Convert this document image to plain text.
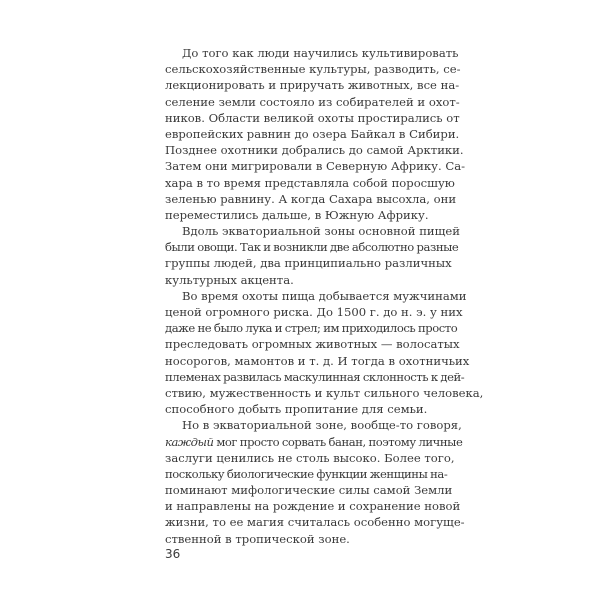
До того как люди научились культивировать
сельскохозяйственные культуры, разводить, се-
лекционировать и приручать животных, все на-
селение земли состояло из собирателей и охот-
ников. Области великой охоты простирались от
европейских равнин до озера Байкал в Сибири.
Позднее охотники добрались до самой Арктики.
Затем они мигрировали в Северную Африку. Са-
хара в то время представляла собой поросшую
зеленью равнину. А когда Сахара высохла, они
переместились дальше, в Южную Африку.
Вдоль экваториальной зоны основной пищей
были овощи. Так и возникли две абсолютно разные
группы людей, два принципиально различных
культурных акцента.
Во время охоты пища добывается мужчинами
ценой огромного риска. До 1500 г. до н. э. у них
даже не было лука и стрел; им приходилось просто
преследовать огромных животных — волосатых
носорогов, мамонтов и т. д. И тогда в охотничьих
племенах развилась маскулинная склонность к дей-
ствию, мужественность и культ сильного человека,
способного добыть пропитание для семьи.
Но в экваториальной зоне, вообще-то говоря,
каждый мог просто сорвать банан, поэтому личные
заслуги ценились не столь высоко. Более того,
поскольку биологические функции женщины на-
поминают мифологические силы самой Земли
и направлены на рождение и сохранение новой
жизни, то ее магия считалась особенно могуще-
ственной в тропической зоне.
36
